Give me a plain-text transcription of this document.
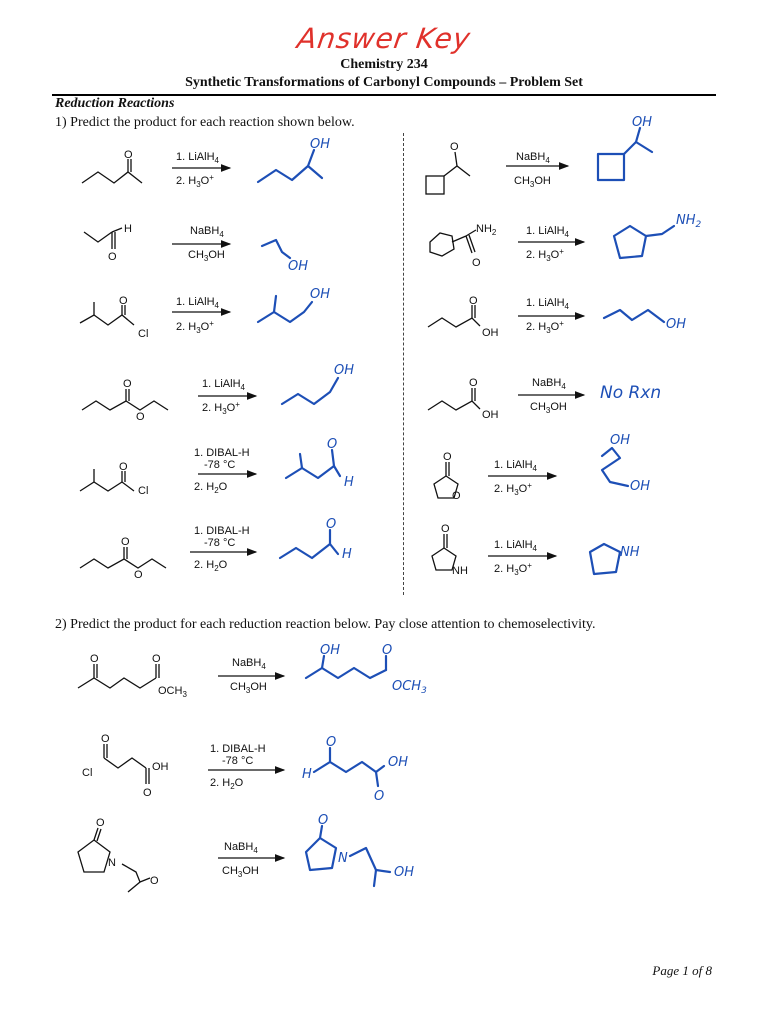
Answer Key
Chemistry 234
Synthetic Transformations of Carbonyl Compounds – Problem Set
Reduction Reactions
1) Predict the product for each reaction shown below.
2) Predict the product for each reduction reaction below. Pay close attention to chemoselectivity.
1. LiAlH$_4$
2. $H_3O^+$
NaBH$_4$
$CH_3OH$
1. LiAlH$_4$
2. $H_3O^+$
1. LiAlH$_4$
2. $H_3O^+$
1. DIBAL-H
-78 °C
2. $H_2O$
1. DIBAL-H
-78 °C
2. $H_2O$
NaBH$_4$
$CH_3OH$
1. LiAlH$_4$
2. $H_3O^+$
1. LiAlH$_4$
2. $H_3O^+$
NaBH$_4$
$CH_3OH$
1. LiAlH$_4$
2. $H_3O^+$
1. LiAlH$_4$
2. $H_3O^+$
NaBH$_4$
$CH_3OH$
1. DIBAL-H
-78 °C
2. $H_2O$
NaBH$_4$
$CH_3OH$
O
H
O
O
Cl
O
O
O
Cl
O
O
O
$NH_2$
O
O
OH
O
OH
O
O
O
NH
O	O
$OCH_3$
O
Cl	OH
O
O
N
O
OH
OH
OH
OH
O
H
O
H
OH
$NH_2$
OH
No Rxn
OH
OH
NH
OH	O
$OCH_3$
O
H
OH
O
O
N
OH
Page 1 of 8
